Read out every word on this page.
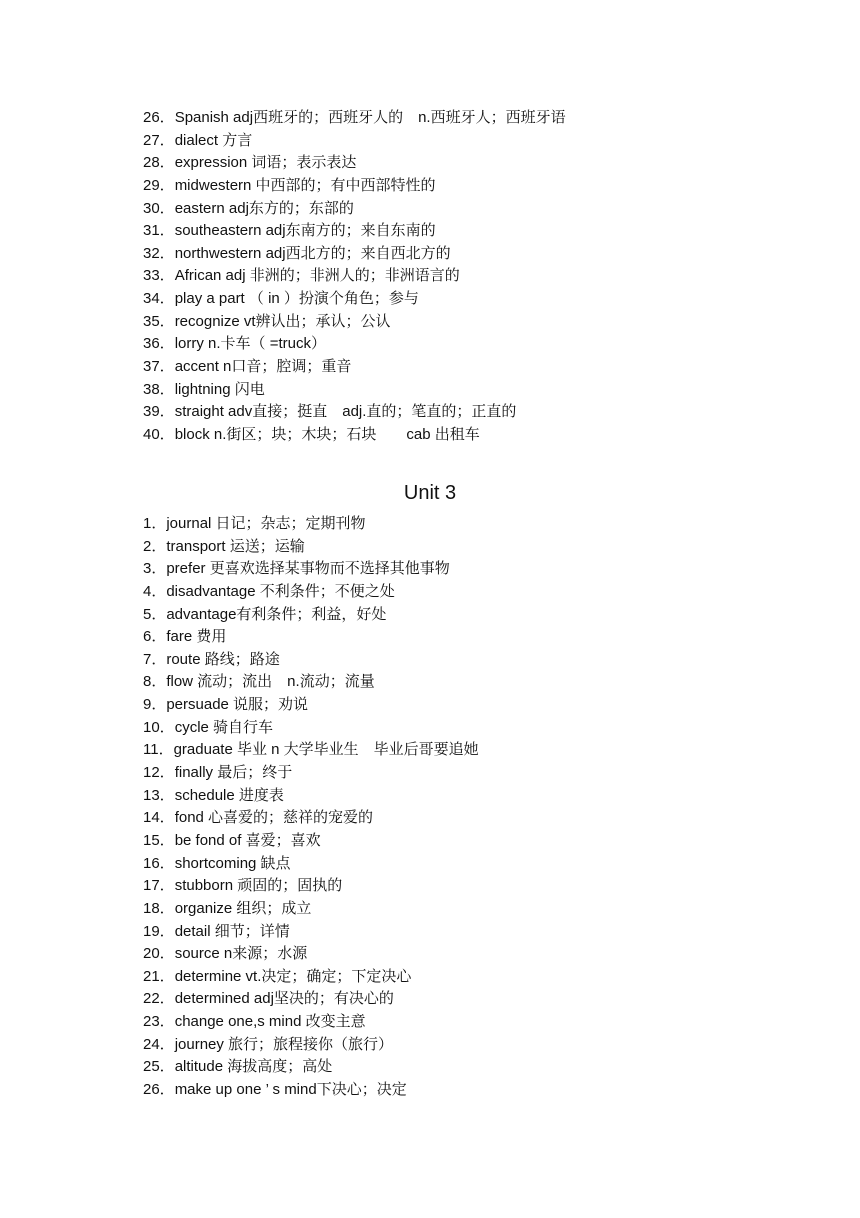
26．Spanish adj西班牙的；西班牙人的　n.西班牙人；西班牙语
27．dialect 方言
28．expression 词语；表示表达
29．midwestern 中西部的；有中西部特性的
30．eastern adj东方的；东部的
31．southeastern adj东南方的；来自东南的
32．northwestern adj西北方的；来自西北方的
33．African adj 非洲的；非洲人的；非洲语言的
34．play a part （ in ）扮演个角色；参与
35．recognize vt辨认出；承认；公认
36．lorry n.卡车（ =truck）
37．accent n口音；腔调；重音
38．lightning 闪电
39．straight adv直接；挺直　adj.直的；笔直的；正直的
40．block n.街区；块；木块；石块　　cab 出租车
Unit 3
1．journal 日记；杂志；定期刊物
2．transport 运送；运输
3．prefer 更喜欢选择某事物而不选择其他事物
4．disadvantage 不利条件；不便之处
5．advantage有利条件；利益，好处
6．fare 费用
7．route 路线；路途
8．flow 流动；流出　n.流动；流量
9．persuade 说服；劝说
10．cycle 骑自行车
11．graduate 毕业 n 大学毕业生　毕业后哥要追她
12．finally 最后；终于
13．schedule 进度表
14．fond 心喜爱的；慈祥的宠爱的
15．be fond of 喜爱；喜欢
16．shortcoming 缺点
17．stubborn 顽固的；固执的
18．organize 组织；成立
19．detail 细节；详情
20．source n来源；水源
21．determine vt.决定；确定；下定决心
22．determined adj坚决的；有决心的
23．change one,s mind 改变主意
24．journey 旅行；旅程接你（旅行）
25．altitude 海拔高度；高处
26．make up one ’ s mind下决心；决定
